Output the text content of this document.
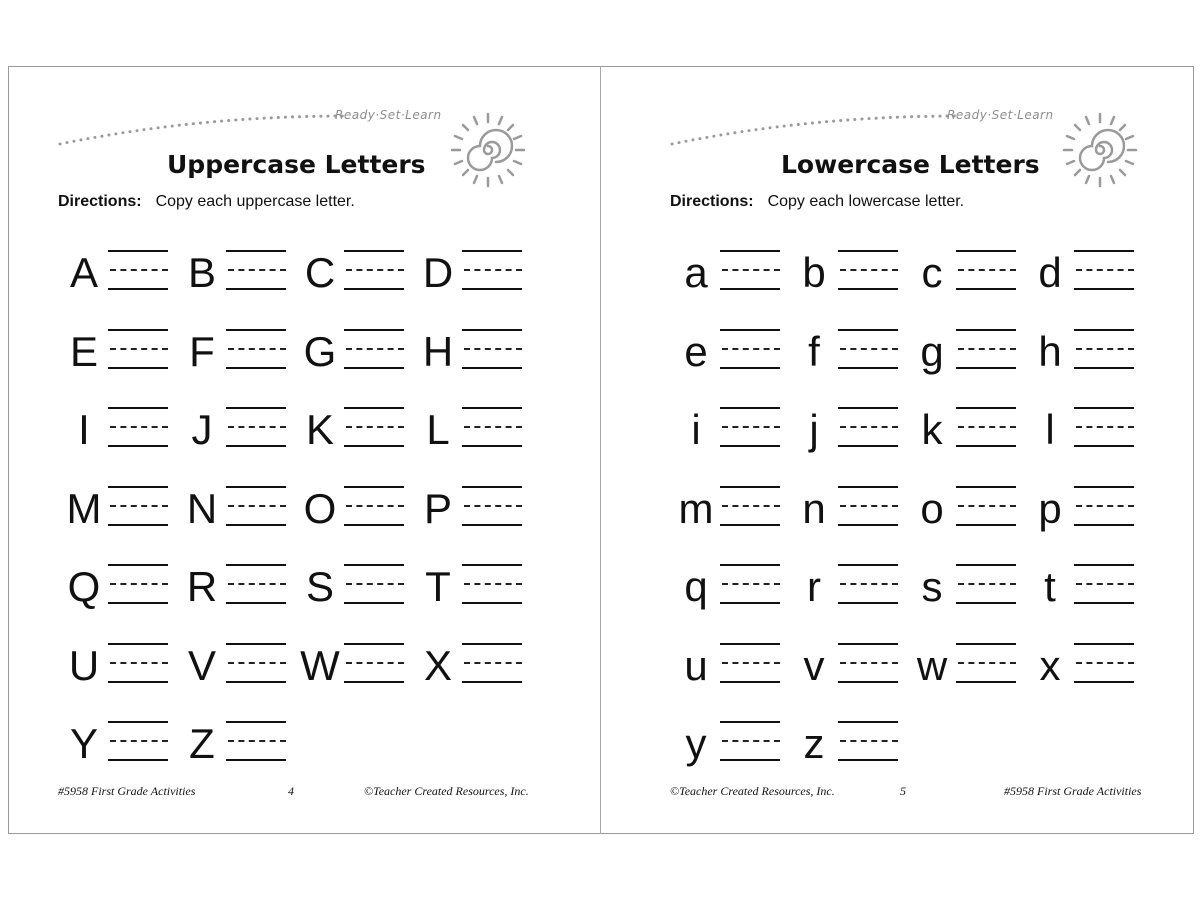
Ready·Set·Learn
Uppercase Letters
Directions: Copy each uppercase letter.
A B C D
E F G H
I	J	K L
M N O P
Q R S T
U V W X
Y Z
#5958 First Grade Activities	4	©Teacher Created Resources, Inc.
Ready·Set·Learn
Lowercase Letters
Directions: Copy each lowercase letter.
a b	c	d
e	f	g h
i	j	k	l
m n o p
q	r	s	t
u	v	w	x
y	z
©Teacher Created Resources, Inc.	5	#5958 First Grade Activities
